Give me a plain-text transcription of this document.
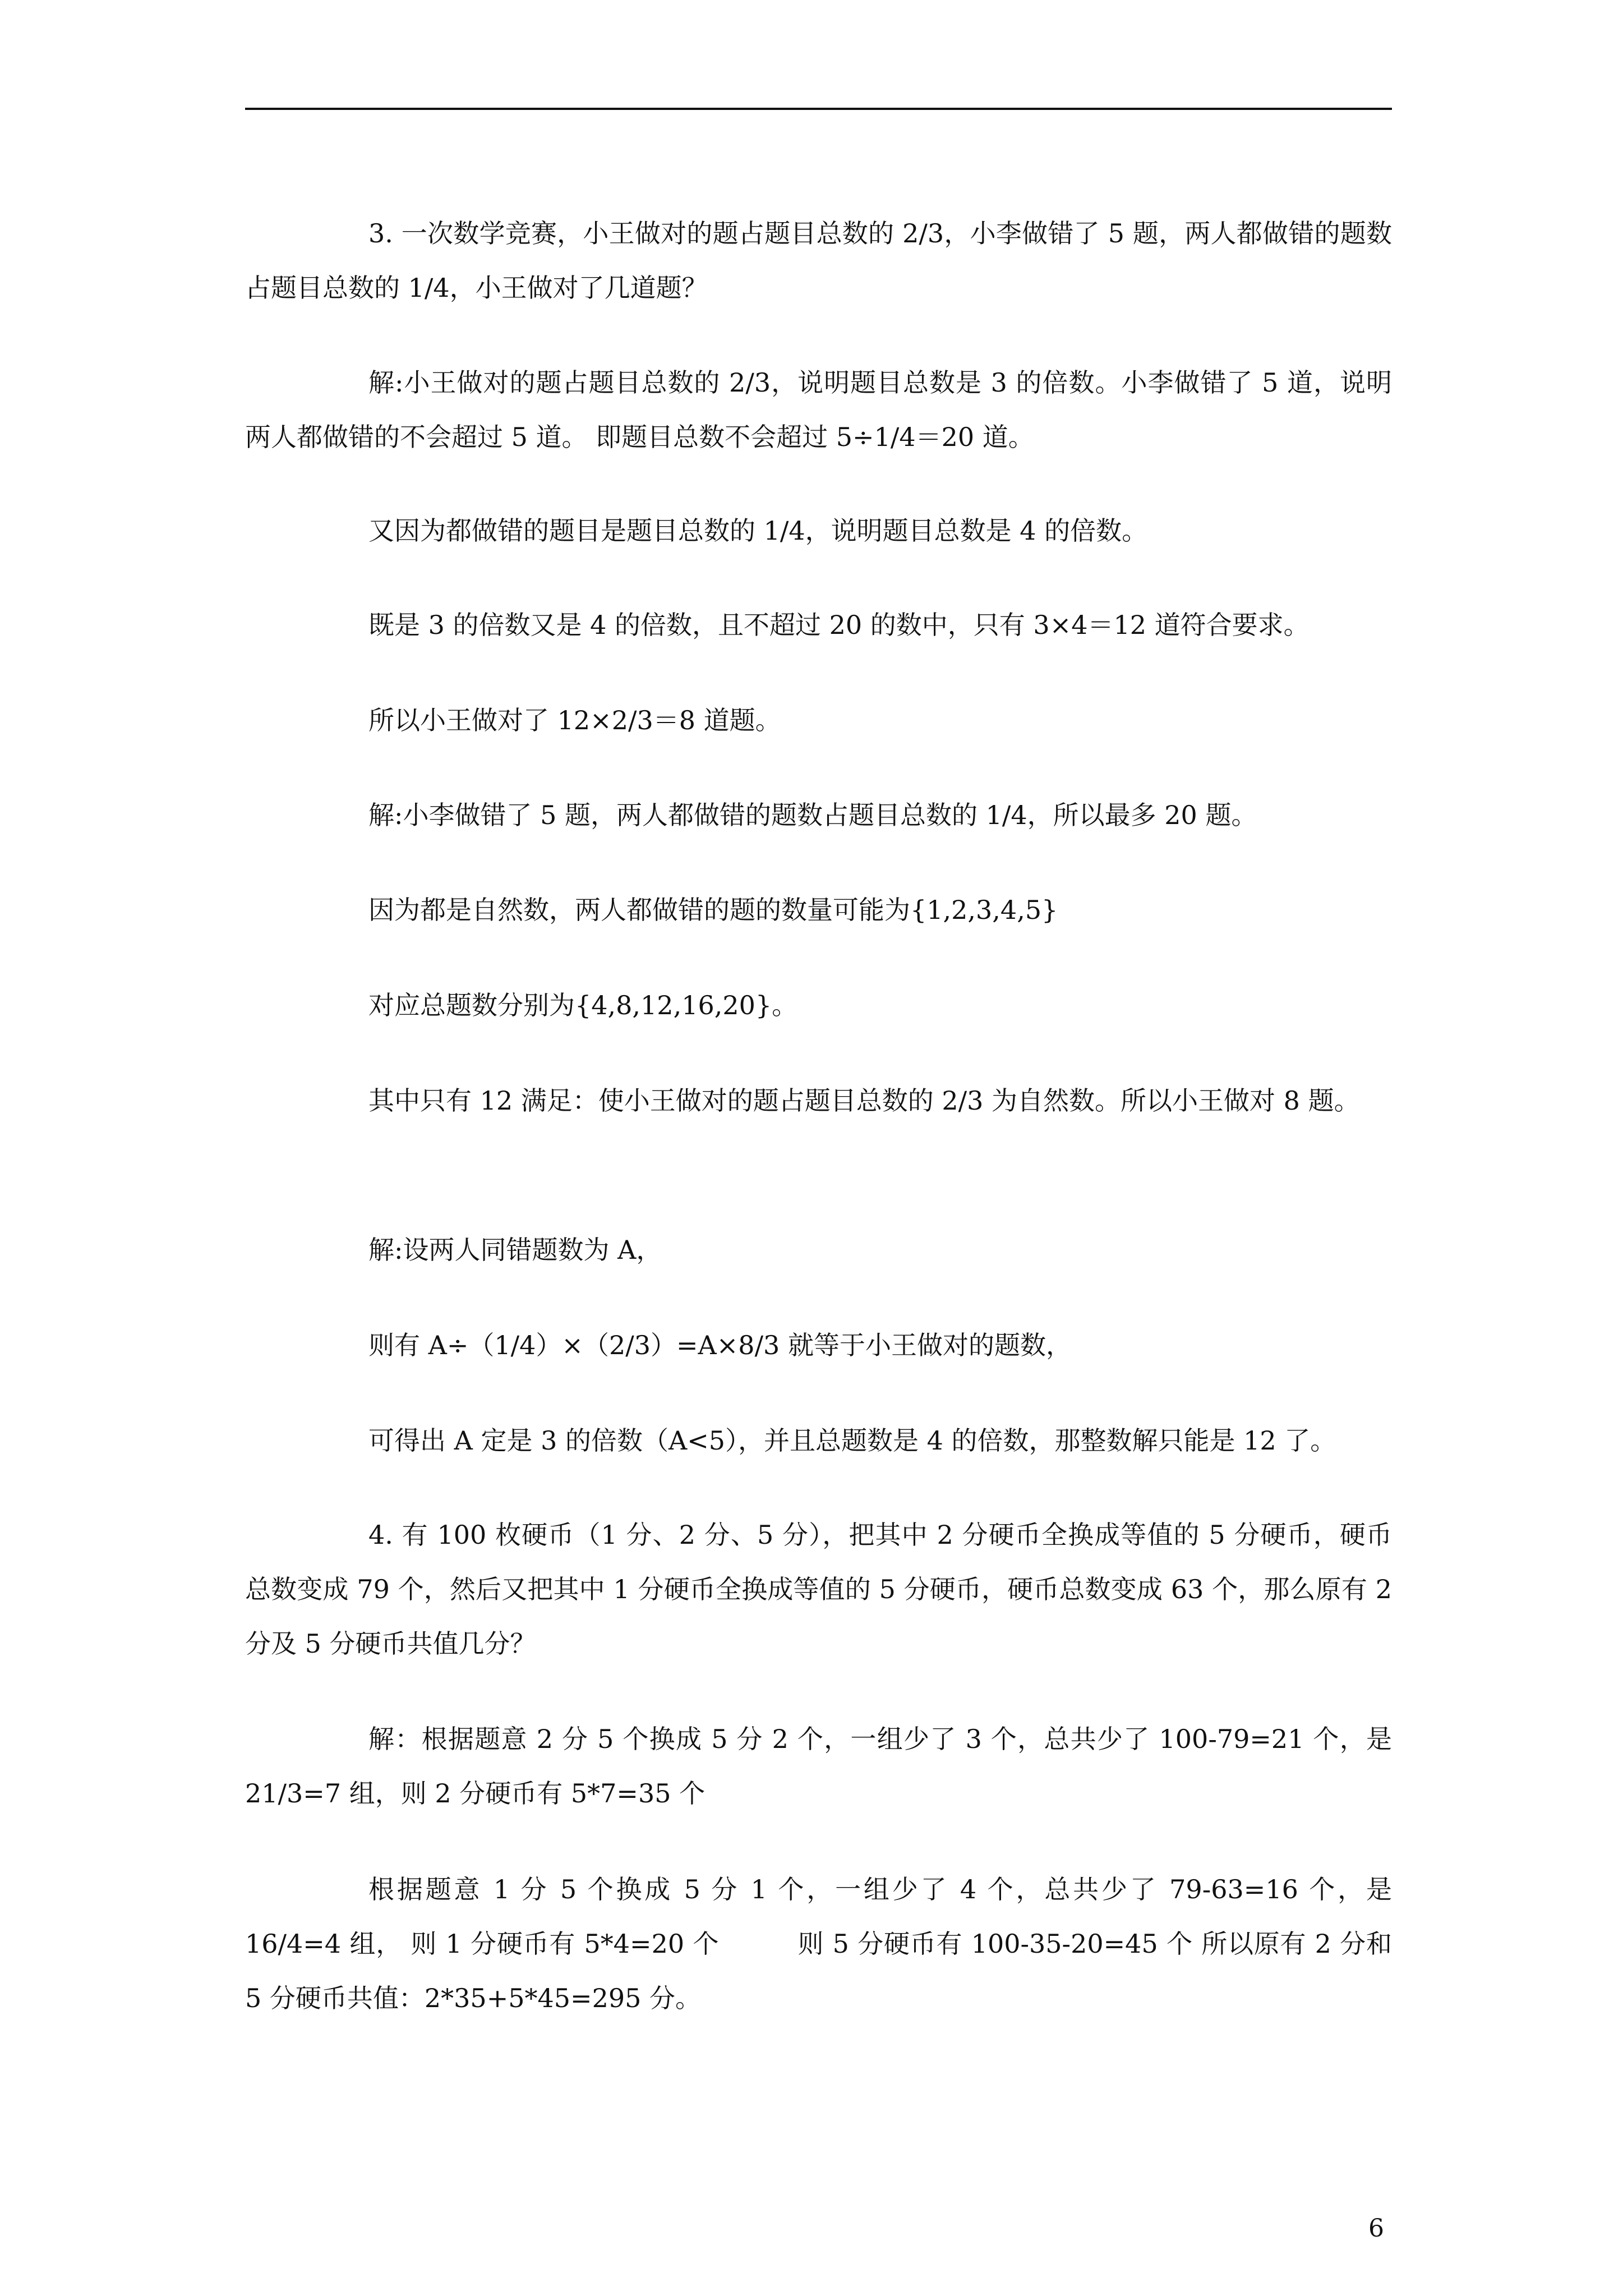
3. 一次数学竞赛，小王做对的题占题目总数的 2/3，小李做错了 5 题，两人都做错的题数占题目总数的 1/4，小王做对了几道题？

解:小王做对的题占题目总数的 2/3，说明题目总数是 3 的倍数。小李做错了 5 道，说明两人都做错的不会超过 5 道。 即题目总数不会超过 5÷1/4＝20 道。

又因为都做错的题目是题目总数的 1/4，说明题目总数是 4 的倍数。

既是 3 的倍数又是 4 的倍数，且不超过 20 的数中，只有 3×4＝12 道符合要求。

所以小王做对了 12×2/3＝8 道题。

解:小李做错了 5 题，两人都做错的题数占题目总数的 1/4，所以最多 20 题。

因为都是自然数，两人都做错的题的数量可能为{1,2,3,4,5}

对应总题数分别为{4,8,12,16,20}。

其中只有 12 满足：使小王做对的题占题目总数的 2/3 为自然数。所以小王做对 8 题。

解:设两人同错题数为 A，

则有 A÷（1/4）×（2/3）=A×8/3 就等于小王做对的题数，

可得出 A 定是 3 的倍数（A<5），并且总题数是 4 的倍数，那整数解只能是 12 了。

4. 有 100 枚硬币（1 分、2 分、5 分），把其中 2 分硬币全换成等值的 5 分硬币，硬币总数变成 79 个，然后又把其中 1 分硬币全换成等值的 5 分硬币，硬币总数变成 63 个，那么原有 2 分及 5 分硬币共值几分？

解：根据题意 2 分 5 个换成 5 分 2 个，一组少了 3 个，总共少了 100-79=21 个，是 21/3=7 组，则 2 分硬币有 5*7=35 个

根据题意 1 分 5 个换成 5 分 1 个，一组少了 4 个，总共少了 79-63=16 个，是 16/4=4 组， 则 1 分硬币有 5*4=20 个　　　则 5 分硬币有 100-35-20=45 个 所以原有 2 分和 5 分硬币共值：2*35+5*45=295 分。

6
